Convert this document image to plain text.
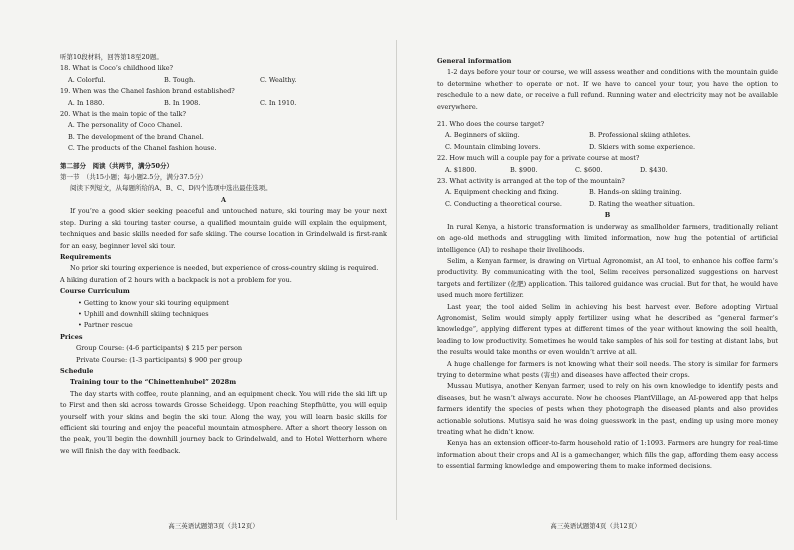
听第10段材料，回答第18至20题。
18. What is Coco’s childhood like?
A. Colorful.	B. Tough.	C. Wealthy.
19. When was the Chanel fashion brand established?
A. In 1880.	B. In 1908.	C. In 1910.
20. What is the main topic of the talk?
A. The personality of Coco Chanel.
B. The development of the brand Chanel.
C. The products of the Chanel fashion house.
第二部分　阅读（共两节，满分50分）
第一节　（共15小题；每小题2.5分，满分37.5分）
阅读下列短文，从每题所给的A、B、C、D四个选项中选出最佳选项。
A

If you’re a good skier seeking peaceful and untouched nature, ski touring may be your next step. During a ski touring taster course, a qualified mountain guide will explain the equipment, techniques and basic skills needed for safe skiing. The course location in Grindelwald is first-rank for an easy, beginner level ski tour.

Requirements

No prior ski touring experience is needed, but experience of cross-country skiing is required.

A hiking duration of 2 hours with a backpack is not a problem for you.

Course Curriculum
• Getting to know your ski touring equipment
• Uphill and downhill skiing techniques
• Partner rescue
Prices
Group Course: (4-6 participants) $ 215 per person
Private Course: (1-3 participants) $ 900 per group
Schedule
Training tour to the “Chinettenhubel” 2028m

The day starts with coffee, route planning, and an equipment check. You will ride the ski lift up to First and then ski across towards Grosse Scheidegg. Upon reaching Stepfhütte, you will equip yourself with your skins and begin the ski tour. Along the way, you will learn basic skills for efficient ski touring and enjoy the peaceful mountain atmosphere. After a short theory lesson on the peak, you’ll begin the downhill journey back to Grindelwald, and to Hotel Wetterhorn where we will finish the day with feedback.

高三英语试题第3页（共12页）
General information

1-2 days before your tour or course, we will assess weather and conditions with the mountain guide to determine whether to operate or not. If we have to cancel your tour, you have the option to reschedule to a new date, or receive a full refund. Running water and electricity may not be available everywhere.

21. Who does the course target?
A. Beginners of skiing.	B. Professional skiing athletes.
C. Mountain climbing lovers.	D. Skiers with some experience.
22. How much will a couple pay for a private course at most?
A. $1800.	B. $900.	C. $600.	D. $430.
23. What activity is arranged at the top of the mountain?
A. Equipment checking and fixing.	B. Hands-on skiing training.
C. Conducting a theoretical course.	D. Rating the weather situation.
B

In rural Kenya, a historic transformation is underway as smallholder farmers, traditionally reliant on age-old methods and struggling with limited information, now hug the potential of artificial intelligence (AI) to reshape their livelihoods.

Selim, a Kenyan farmer, is drawing on Virtual Agronomist, an AI tool, to enhance his coffee farm’s productivity. By communicating with the tool, Selim receives personalized suggestions on harvest targets and fertilizer (化肥) application. This tailored guidance was crucial. But for that, he would have used much more fertilizer.

Last year, the tool aided Selim in achieving his best harvest ever. Before adopting Virtual Agronomist, Selim would simply apply fertilizer using what he described as “general farmer’s knowledge”, applying different types at different times of the year without knowing the soil health, leading to low productivity. Sometimes he would take samples of his soil for testing at distant labs, but the results would take months or even wouldn’t arrive at all.

A huge challenge for farmers is not knowing what their soil needs. The story is similar for farmers trying to determine what pests (害虫) and diseases have affected their crops.

Mussau Mutisya, another Kenyan farmer, used to rely on his own knowledge to identify pests and diseases, but he wasn’t always accurate. Now he chooses PlantVillage, an AI-powered app that helps farmers identify the species of pests when they photograph the diseased plants and also provides actionable solutions. Mutisya said he was doing guesswork in the past, ending up using more money treating what he didn’t know.

Kenya has an extension officer-to-farm household ratio of 1:1093. Farmers are hungry for real-time information about their crops and AI is a gamechanger, which fills the gap, affording them easy access to essential farming knowledge and empowering them to make informed decisions.

高三英语试题第4页（共12页）
